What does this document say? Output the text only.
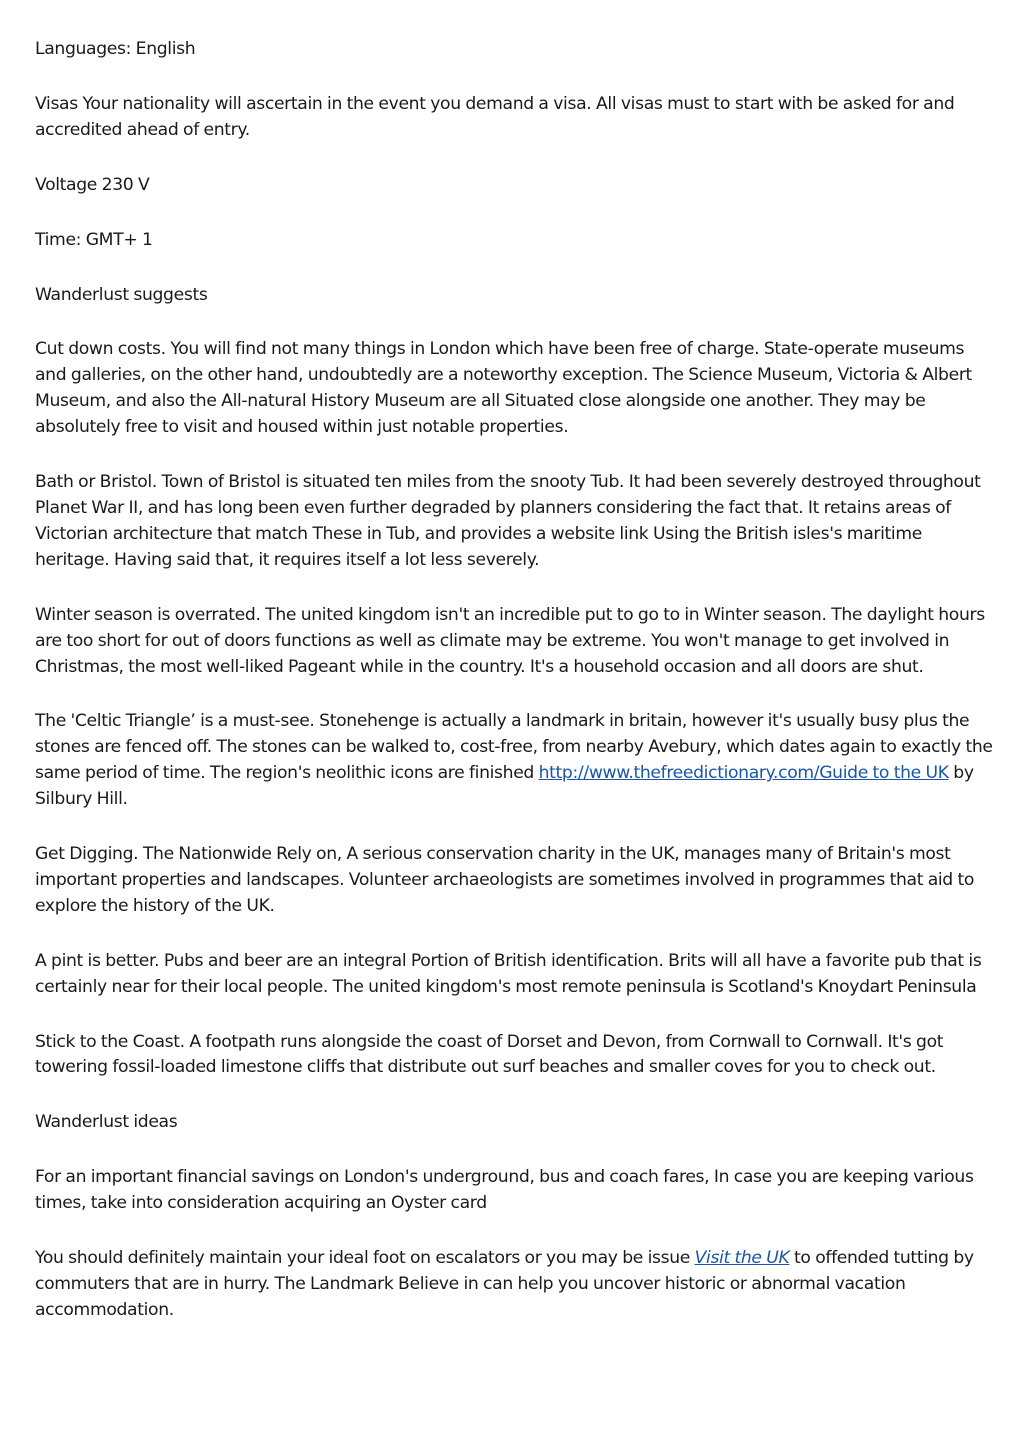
Languages: English

Visas Your nationality will ascertain in the event you demand a visa. All visas must to start with be asked for and accredited ahead of entry.

Voltage 230 V

Time: GMT+ 1

Wanderlust suggests

Cut down costs. You will find not many things in London which have been free of charge. State-operate museums and galleries, on the other hand, undoubtedly are a noteworthy exception. The Science Museum, Victoria & Albert Museum, and also the All-natural History Museum are all Situated close alongside one another. They may be absolutely free to visit and housed within just notable properties.

Bath or Bristol. Town of Bristol is situated ten miles from the snooty Tub. It had been severely destroyed throughout Planet War II, and has long been even further degraded by planners considering the fact that. It retains areas of Victorian architecture that match These in Tub, and provides a website link Using the British isles's maritime heritage. Having said that, it requires itself a lot less severely.

Winter season is overrated. The united kingdom isn't an incredible put to go to in Winter season. The daylight hours are too short for out of doors functions as well as climate may be extreme. You won't manage to get involved in Christmas, the most well-liked Pageant while in the country. It's a household occasion and all doors are shut.

The 'Celtic Triangle’ is a must-see. Stonehenge is actually a landmark in britain, however it's usually busy plus the stones are fenced off. The stones can be walked to, cost-free, from nearby Avebury, which dates again to exactly the same period of time. The region's neolithic icons are finished http://www.thefreedictionary.com/Guide to the UK by Silbury Hill.

Get Digging. The Nationwide Rely on, A serious conservation charity in the UK, manages many of Britain's most important properties and landscapes. Volunteer archaeologists are sometimes involved in programmes that aid to explore the history of the UK.

A pint is better. Pubs and beer are an integral Portion of British identification. Brits will all have a favorite pub that is certainly near for their local people. The united kingdom's most remote peninsula is Scotland's Knoydart Peninsula

Stick to the Coast. A footpath runs alongside the coast of Dorset and Devon, from Cornwall to Cornwall. It's got towering fossil-loaded limestone cliffs that distribute out surf beaches and smaller coves for you to check out.

Wanderlust ideas

For an important financial savings on London's underground, bus and coach fares, In case you are keeping various times, take into consideration acquiring an Oyster card

You should definitely maintain your ideal foot on escalators or you may be issue Visit the UK to offended tutting by commuters that are in hurry. The Landmark Believe in can help you uncover historic or abnormal vacation accommodation.
